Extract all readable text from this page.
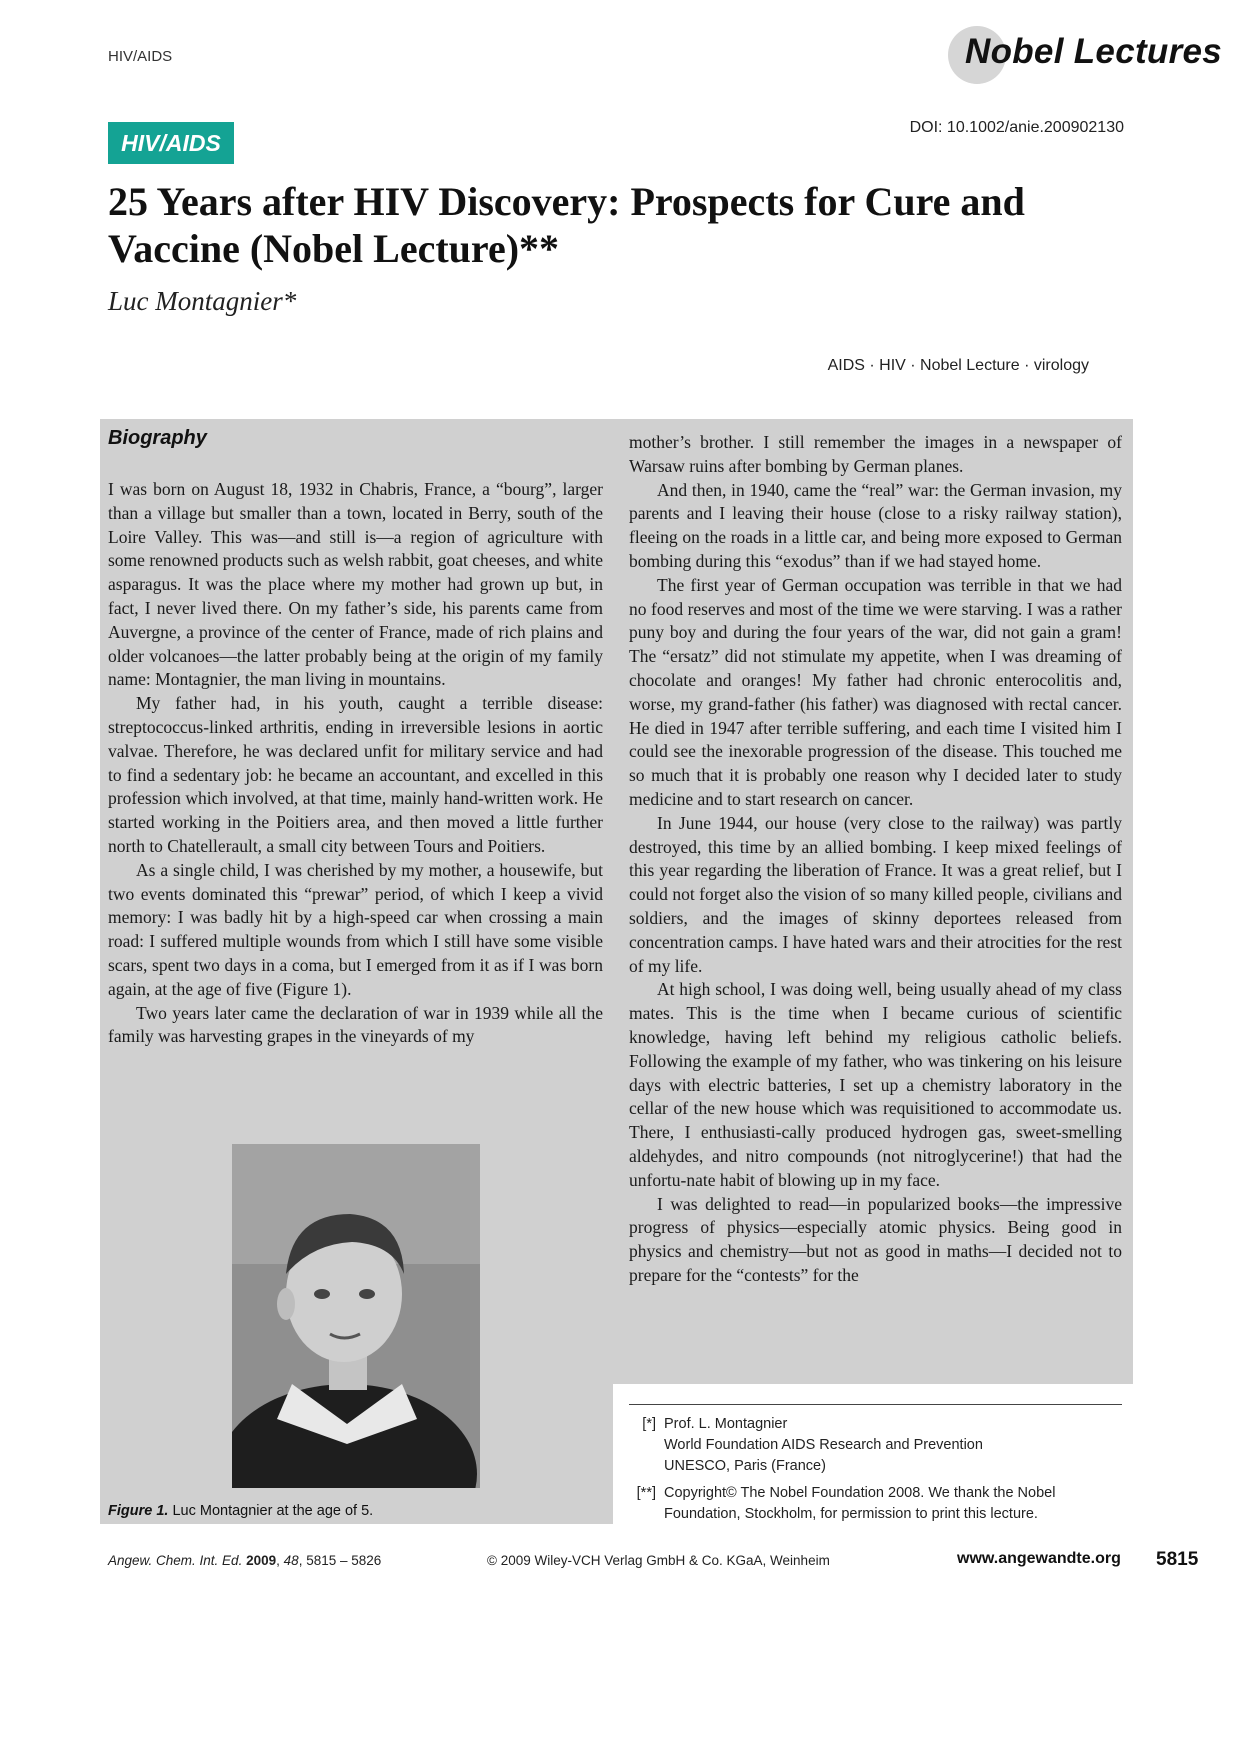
HIV/AIDS	Nobel Lectures
HIV/AIDS
DOI: 10.1002/anie.200902130
25 Years after HIV Discovery: Prospects for Cure and Vaccine (Nobel Lecture)**
Luc Montagnier*
AIDS · HIV · Nobel Lecture · virology
Biography

I was born on August 18, 1932 in Chabris, France, a “bourg”, larger than a village but smaller than a town, located in Berry, south of the Loire Valley. This was—and still is—a region of agriculture with some renowned products such as welsh rabbit, goat cheeses, and white asparagus. It was the place where my mother had grown up but, in fact, I never lived there. On my father’s side, his parents came from Auvergne, a province of the center of France, made of rich plains and older volcanoes—the latter probably being at the origin of my family name: Montagnier, the man living in mountains.

My father had, in his youth, caught a terrible disease: streptococcus-linked arthritis, ending in irreversible lesions in aortic valvae. Therefore, he was declared unfit for military service and had to find a sedentary job: he became an accountant, and excelled in this profession which involved, at that time, mainly hand-written work. He started working in the Poitiers area, and then moved a little further north to Chatellerault, a small city between Tours and Poitiers.

As a single child, I was cherished by my mother, a housewife, but two events dominated this “prewar” period, of which I keep a vivid memory: I was badly hit by a high-speed car when crossing a main road: I suffered multiple wounds from which I still have some visible scars, spent two days in a coma, but I emerged from it as if I was born again, at the age of five (Figure 1).

Two years later came the declaration of war in 1939 while all the family was harvesting grapes in the vineyards of my

mother’s brother. I still remember the images in a newspaper of Warsaw ruins after bombing by German planes.

And then, in 1940, came the “real” war: the German invasion, my parents and I leaving their house (close to a risky railway station), fleeing on the roads in a little car, and being more exposed to German bombing during this “exodus” than if we had stayed home.

The first year of German occupation was terrible in that we had no food reserves and most of the time we were starving. I was a rather puny boy and during the four years of the war, did not gain a gram! The “ersatz” did not stimulate my appetite, when I was dreaming of chocolate and oranges! My father had chronic enterocolitis and, worse, my grand-father (his father) was diagnosed with rectal cancer. He died in 1947 after terrible suffering, and each time I visited him I could see the inexorable progression of the disease. This touched me so much that it is probably one reason why I decided later to study medicine and to start research on cancer.

In June 1944, our house (very close to the railway) was partly destroyed, this time by an allied bombing. I keep mixed feelings of this year regarding the liberation of France. It was a great relief, but I could not forget also the vision of so many killed people, civilians and soldiers, and the images of skinny deportees released from concentration camps. I have hated wars and their atrocities for the rest of my life.

At high school, I was doing well, being usually ahead of my class mates. This is the time when I became curious of scientific knowledge, having left behind my religious catholic beliefs. Following the example of my father, who was tinkering on his leisure days with electric batteries, I set up a chemistry laboratory in the cellar of the new house which was requisitioned to accommodate us. There, I enthusiasti-cally produced hydrogen gas, sweet-smelling aldehydes, and nitro compounds (not nitroglycerine!) that had the unfortu-nate habit of blowing up in my face.

I was delighted to read—in popularized books—the impressive progress of physics—especially atomic physics. Being good in physics and chemistry—but not as good in maths—I decided not to prepare for the “contests” for the

Figure 1. Luc Montagnier at the age of 5.
[*] Prof. L. Montagnier
World Foundation AIDS Research and Prevention
UNESCO, Paris (France)
[**] Copyright© The Nobel Foundation 2008. We thank the Nobel
Foundation, Stockholm, for permission to print this lecture.
Angew. Chem. Int. Ed. 2009, 48, 5815 – 5826	© 2009 Wiley-VCH Verlag GmbH & Co. KGaA, Weinheim	www.angewandte.org 5815
